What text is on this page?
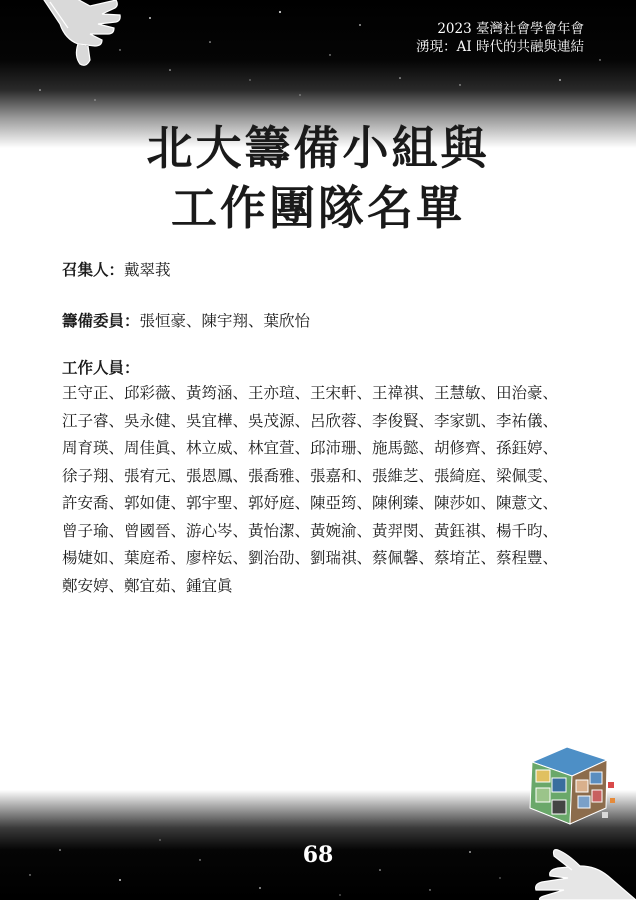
2023 臺灣社會學會年會
湧現：AI 時代的共融與連結
北大籌備小組與
工作團隊名單
召集人：戴翠莪
籌備委員：張恒豪、陳宇翔、葉欣怡
工作人員：
王守正、邱彩薇、黃筠涵、王亦瑄、王宋軒、王禕祺、王慧敏、田治豪、
江子睿、吳永健、吳宜樺、吳茂源、呂欣蓉、李俊賢、李家凱、李祐儀、
周育瑛、周佳眞、林立威、林宜萱、邱沛珊、施馬懿、胡修齊、孫鈺婷、
徐子翔、張宥元、張恩鳳、張喬雅、張嘉和、張維芝、張綺庭、梁佩雯、
許安喬、郭如倢、郭宇聖、郭妤庭、陳亞筠、陳俐臻、陳莎如、陳薏文、
曾子瑜、曾國晉、游心岑、黃怡潔、黃婉渝、黃羿閔、黃鈺祺、楊千昀、
楊婕如、葉庭希、廖梓妘、劉治劭、劉瑞祺、蔡佩馨、蔡堉芷、蔡程豐、
鄭安婷、鄭宜茹、鍾宜眞
68
